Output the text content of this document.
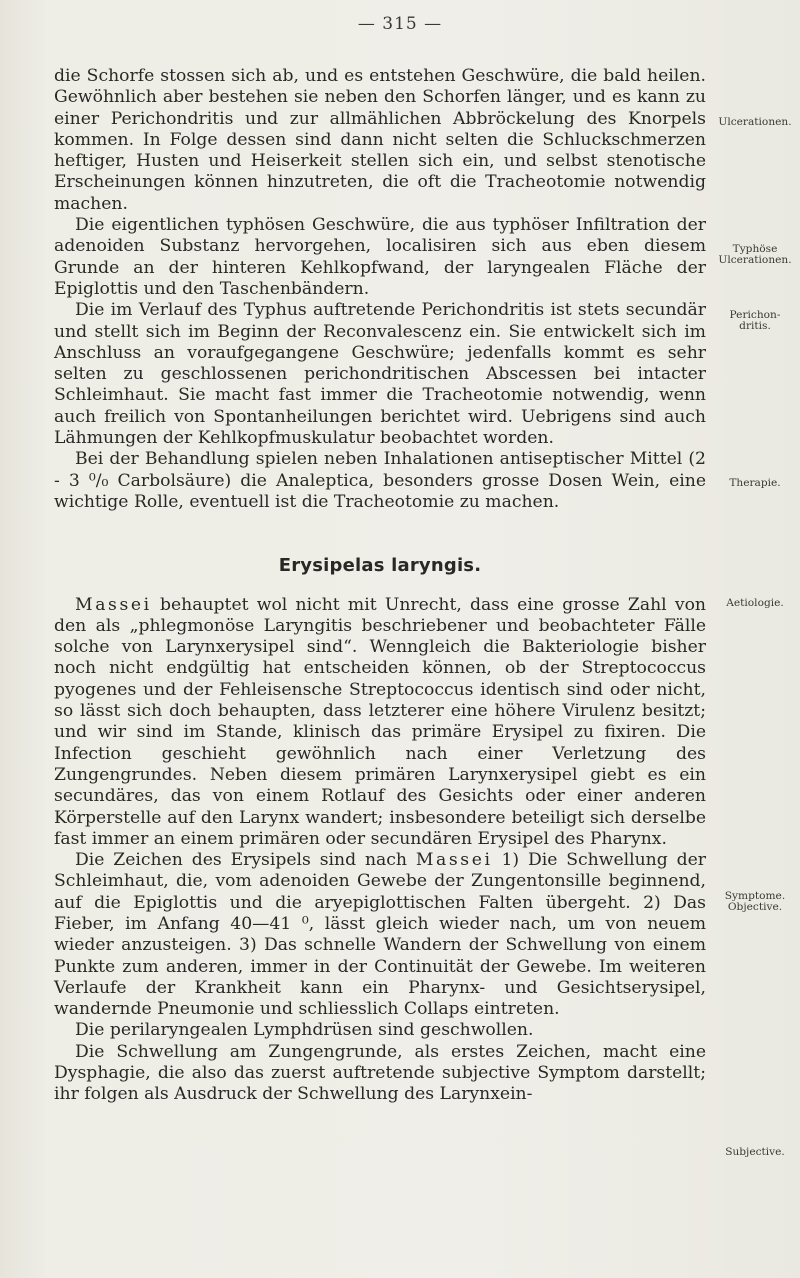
— 315 —

die Schorfe stossen sich ab, und es entstehen Geschwüre, die bald heilen. Gewöhnlich aber bestehen sie neben den Schorfen länger, und es kann zu einer Perichondritis und zur allmählichen Abbröckelung des Knorpels kommen. In Folge dessen sind dann nicht selten die Schluckschmerzen heftiger, Husten und Heiserkeit stellen sich ein, und selbst stenotische Erscheinungen können hinzutreten, die oft die Tracheotomie notwendig machen.

Die eigentlichen typhösen Geschwüre, die aus typhöser Infiltration der adenoiden Substanz hervorgehen, localisiren sich aus eben diesem Grunde an der hinteren Kehlkopfwand, der laryngealen Fläche der Epiglottis und den Taschenbändern.

Die im Verlauf des Typhus auftretende Perichondritis ist stets secundär und stellt sich im Beginn der Reconvalescenz ein. Sie entwickelt sich im Anschluss an voraufgegangene Geschwüre; jedenfalls kommt es sehr selten zu geschlossenen perichondritischen Abscessen bei intacter Schleimhaut. Sie macht fast immer die Tracheotomie notwendig, wenn auch freilich von Spontanheilungen berichtet wird. Uebrigens sind auch Lähmungen der Kehlkopfmuskulatur beobachtet worden.

Bei der Behandlung spielen neben Inhalationen antiseptischer Mittel (2 - 3 ⁰/₀ Carbolsäure) die Analeptica, besonders grosse Dosen Wein, eine wichtige Rolle, eventuell ist die Tracheotomie zu machen.

Erysipelas laryngis.

Massei behauptet wol nicht mit Unrecht, dass eine grosse Zahl von den als „phlegmonöse Laryngitis beschriebener und beobachteter Fälle solche von Larynxerysipel sind“. Wenngleich die Bakteriologie bisher noch nicht endgültig hat entscheiden können, ob der Streptococcus pyogenes und der Fehleisensche Streptococcus identisch sind oder nicht, so lässt sich doch behaupten, dass letzterer eine höhere Virulenz besitzt; und wir sind im Stande, klinisch das primäre Erysipel zu fixiren. Die Infection geschieht gewöhnlich nach einer Verletzung des Zungengrundes. Neben diesem primären Larynxerysipel giebt es ein secundäres, das von einem Rotlauf des Gesichts oder einer anderen Körperstelle auf den Larynx wandert; insbesondere beteiligt sich derselbe fast immer an einem primären oder secundären Erysipel des Pharynx.

Die Zeichen des Erysipels sind nach Massei 1) Die Schwellung der Schleimhaut, die, vom adenoiden Gewebe der Zungentonsille beginnend, auf die Epiglottis und die aryepiglottischen Falten übergeht. 2) Das Fieber, im Anfang 40—41 ⁰, lässt gleich wieder nach, um von neuem wieder anzusteigen. 3) Das schnelle Wandern der Schwellung von einem Punkte zum anderen, immer in der Continuität der Gewebe. Im weiteren Verlaufe der Krankheit kann ein Pharynx- und Gesichtserysipel, wandernde Pneumonie und schliesslich Collaps eintreten.

Die perilaryngealen Lymphdrüsen sind geschwollen.

Die Schwellung am Zungengrunde, als erstes Zeichen, macht eine Dysphagie, die also das zuerst auftretende subjective Symptom darstellt; ihr folgen als Ausdruck der Schwellung des Larynxein-

Ulcerationen.
Typhöse
Ulcerationen.
Perichon-
dritis.
Therapie.
Aetiologie.
Symptome.
Objective.
Subjective.
